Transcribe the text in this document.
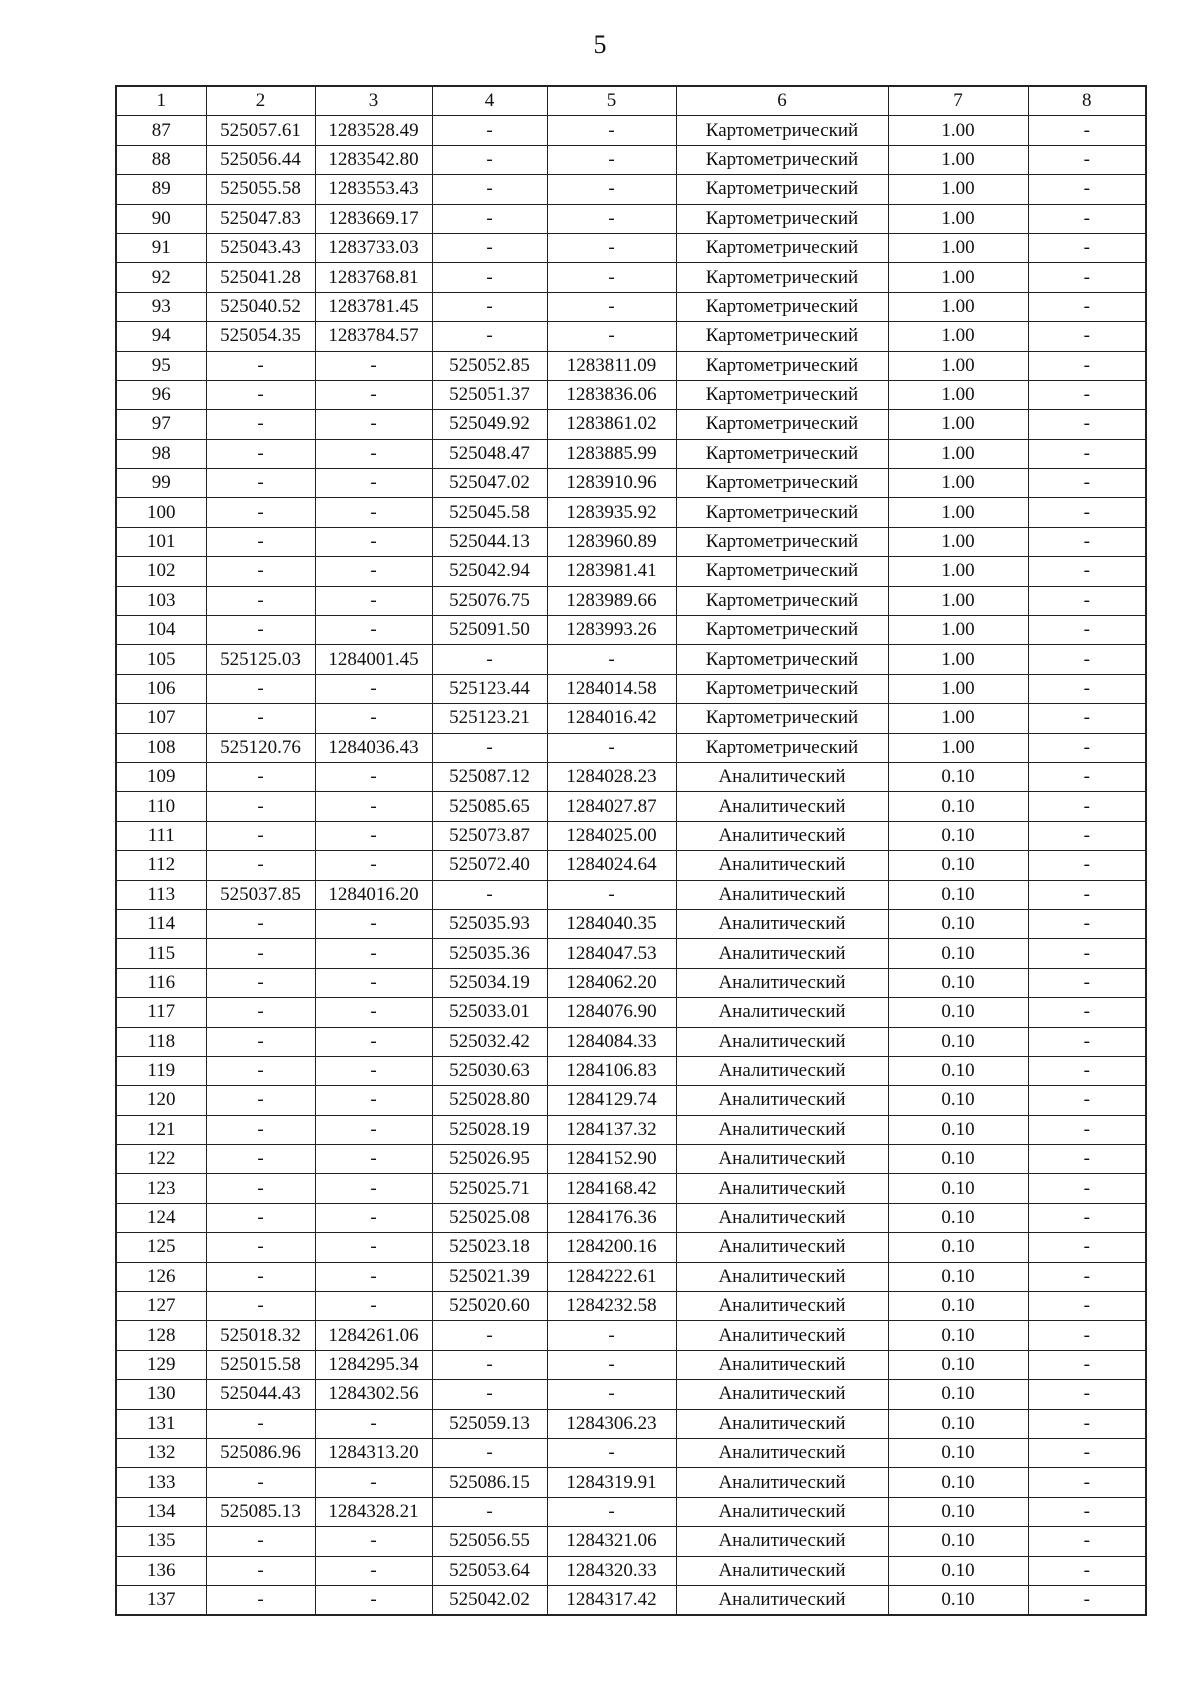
5
1	2	3	4	5	6	7	8
87	525057.61	1283528.49	-	-	Картометрический	1.00	-
88	525056.44	1283542.80	-	-	Картометрический	1.00	-
89	525055.58	1283553.43	-	-	Картометрический	1.00	-
90	525047.83	1283669.17	-	-	Картометрический	1.00	-
91	525043.43	1283733.03	-	-	Картометрический	1.00	-
92	525041.28	1283768.81	-	-	Картометрический	1.00	-
93	525040.52	1283781.45	-	-	Картометрический	1.00	-
94	525054.35	1283784.57	-	-	Картометрический	1.00	-
95	-	-	525052.85	1283811.09	Картометрический	1.00	-
96	-	-	525051.37	1283836.06	Картометрический	1.00	-
97	-	-	525049.92	1283861.02	Картометрический	1.00	-
98	-	-	525048.47	1283885.99	Картометрический	1.00	-
99	-	-	525047.02	1283910.96	Картометрический	1.00	-
100	-	-	525045.58	1283935.92	Картометрический	1.00	-
101	-	-	525044.13	1283960.89	Картометрический	1.00	-
102	-	-	525042.94	1283981.41	Картометрический	1.00	-
103	-	-	525076.75	1283989.66	Картометрический	1.00	-
104	-	-	525091.50	1283993.26	Картометрический	1.00	-
105	525125.03	1284001.45	-	-	Картометрический	1.00	-
106	-	-	525123.44	1284014.58	Картометрический	1.00	-
107	-	-	525123.21	1284016.42	Картометрический	1.00	-
108	525120.76	1284036.43	-	-	Картометрический	1.00	-
109	-	-	525087.12	1284028.23	Аналитический	0.10	-
110	-	-	525085.65	1284027.87	Аналитический	0.10	-
111	-	-	525073.87	1284025.00	Аналитический	0.10	-
112	-	-	525072.40	1284024.64	Аналитический	0.10	-
113	525037.85	1284016.20	-	-	Аналитический	0.10	-
114	-	-	525035.93	1284040.35	Аналитический	0.10	-
115	-	-	525035.36	1284047.53	Аналитический	0.10	-
116	-	-	525034.19	1284062.20	Аналитический	0.10	-
117	-	-	525033.01	1284076.90	Аналитический	0.10	-
118	-	-	525032.42	1284084.33	Аналитический	0.10	-
119	-	-	525030.63	1284106.83	Аналитический	0.10	-
120	-	-	525028.80	1284129.74	Аналитический	0.10	-
121	-	-	525028.19	1284137.32	Аналитический	0.10	-
122	-	-	525026.95	1284152.90	Аналитический	0.10	-
123	-	-	525025.71	1284168.42	Аналитический	0.10	-
124	-	-	525025.08	1284176.36	Аналитический	0.10	-
125	-	-	525023.18	1284200.16	Аналитический	0.10	-
126	-	-	525021.39	1284222.61	Аналитический	0.10	-
127	-	-	525020.60	1284232.58	Аналитический	0.10	-
128	525018.32	1284261.06	-	-	Аналитический	0.10	-
129	525015.58	1284295.34	-	-	Аналитический	0.10	-
130	525044.43	1284302.56	-	-	Аналитический	0.10	-
131	-	-	525059.13	1284306.23	Аналитический	0.10	-
132	525086.96	1284313.20	-	-	Аналитический	0.10	-
133	-	-	525086.15	1284319.91	Аналитический	0.10	-
134	525085.13	1284328.21	-	-	Аналитический	0.10	-
135	-	-	525056.55	1284321.06	Аналитический	0.10	-
136	-	-	525053.64	1284320.33	Аналитический	0.10	-
137	-	-	525042.02	1284317.42	Аналитический	0.10	-
